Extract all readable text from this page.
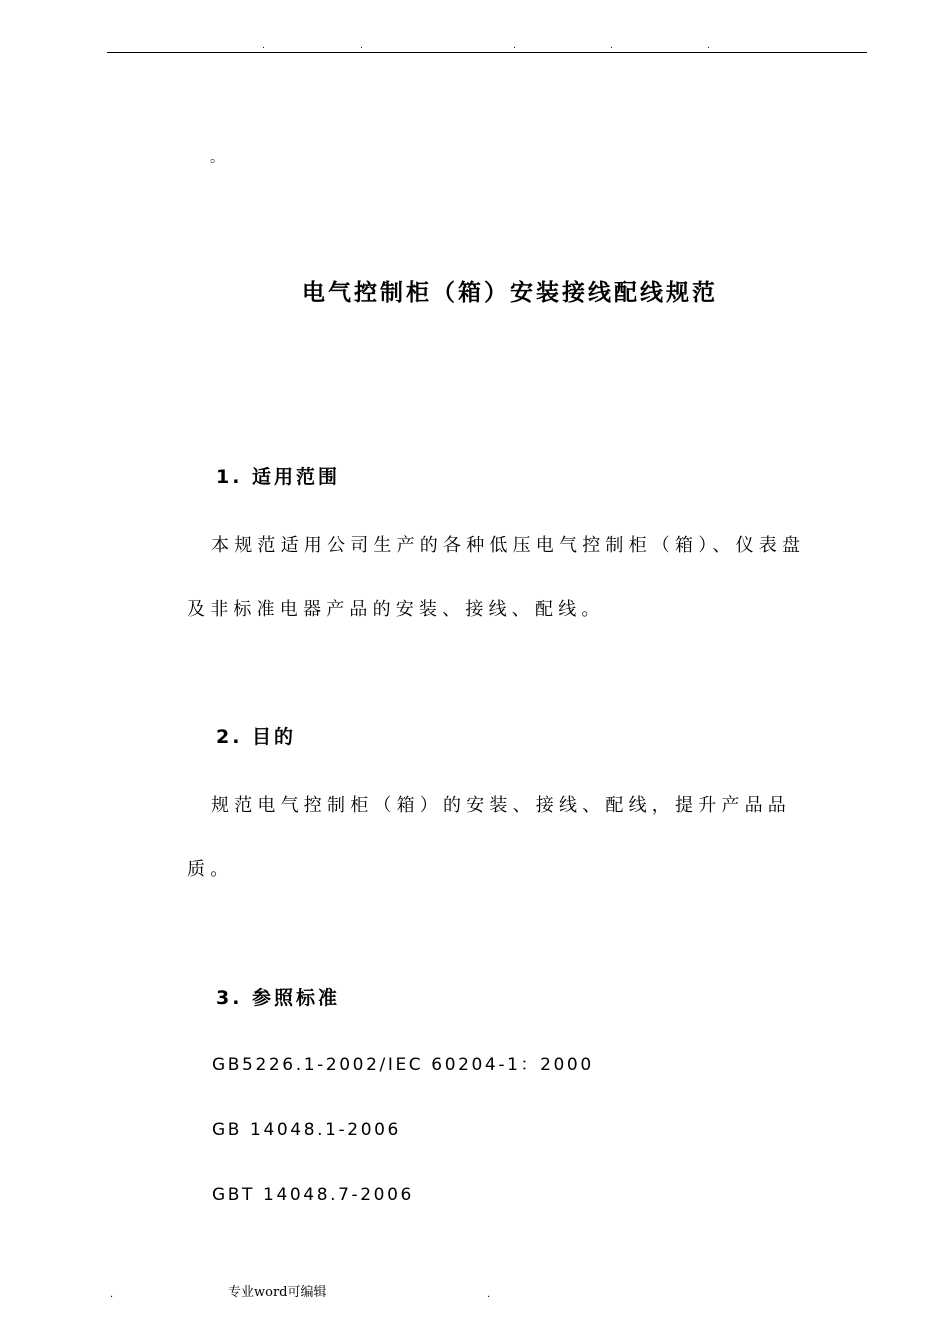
.	.	.	.	.
。
电气控制柜（箱）安装接线配线规范
1. 适用范围

本规范适用公司生产的各种低压电气控制柜（箱）、仪表盘及非标准电器产品的安装、接线、配线。

2. 目的

规范电气控制柜（箱）的安装、接线、配线，提升产品品质。

3. 参照标准

GB5226.1-2002/IEC 60204-1：2000

GB 14048.1-2006

GBT 14048.7-2006

.	专业word可编辑	.
